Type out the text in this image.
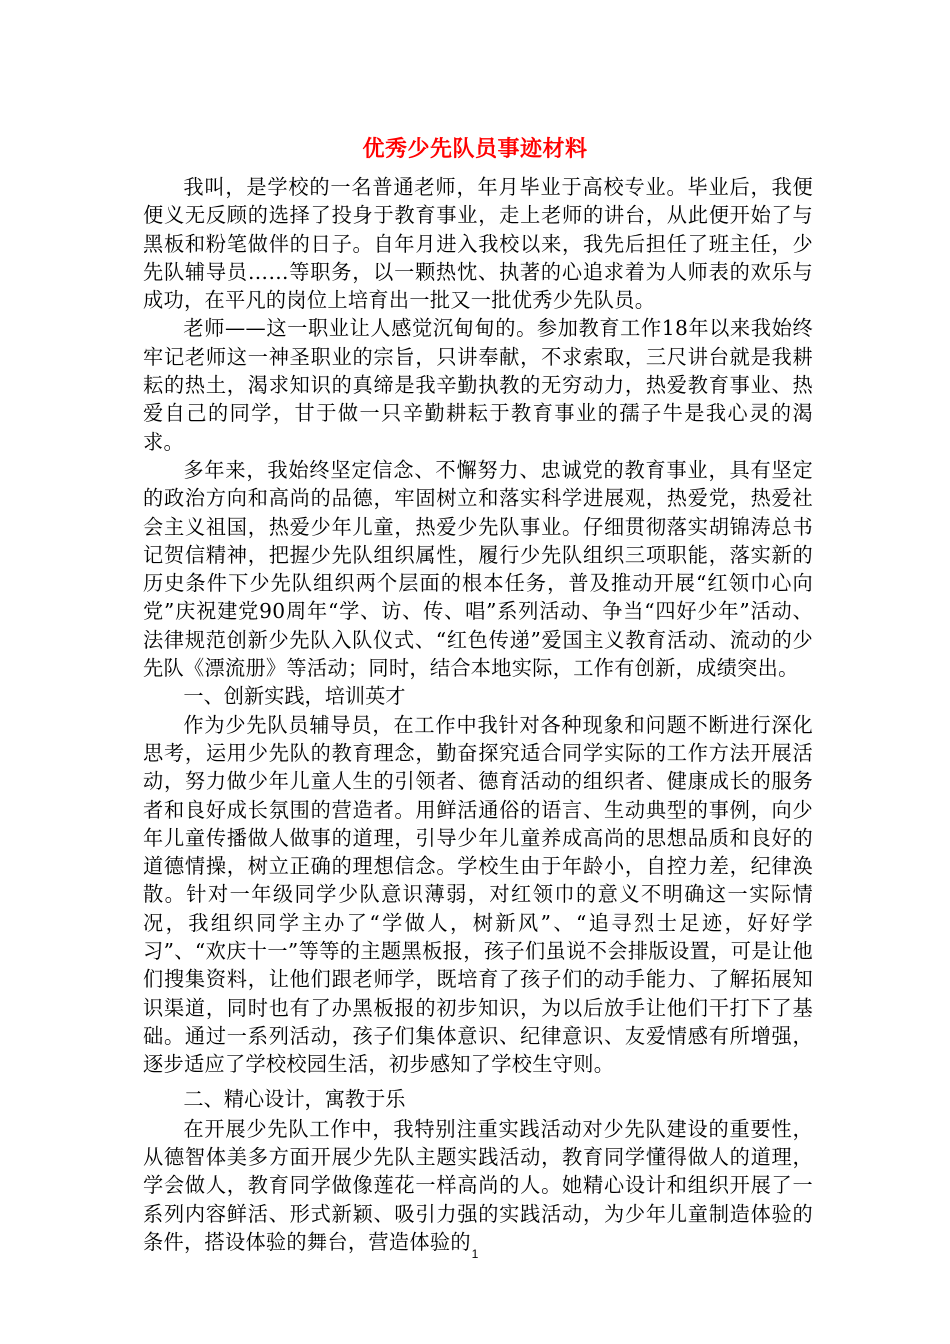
优秀少先队员事迹材料

我叫，是学校的一名普通老师，年月毕业于高校专业。毕业后，我便便义无反顾的选择了投身于教育事业，走上老师的讲台，从此便开始了与黑板和粉笔做伴的日子。自年月进入我校以来，我先后担任了班主任，少先队辅导员……等职务，以一颗热忱、执著的心追求着为人师表的欢乐与成功，在平凡的岗位上培育出一批又一批优秀少先队员。

老师——这一职业让人感觉沉甸甸的。参加教育工作18年以来我始终牢记老师这一神圣职业的宗旨，只讲奉献，不求索取，三尺讲台就是我耕耘的热土，渴求知识的真缔是我辛勤执教的无穷动力，热爱教育事业、热爱自己的同学，甘于做一只辛勤耕耘于教育事业的孺子牛是我心灵的渴求。

多年来，我始终坚定信念、不懈努力、忠诚党的教育事业，具有坚定的政治方向和高尚的品德，牢固树立和落实科学进展观，热爱党，热爱社会主义祖国，热爱少年儿童，热爱少先队事业。仔细贯彻落实胡锦涛总书记贺信精神，把握少先队组织属性，履行少先队组织三项职能，落实新的历史条件下少先队组织两个层面的根本任务，普及推动开展“红领巾心向党”庆祝建党90周年“学、访、传、唱”系列活动、争当“四好少年”活动、法律规范创新少先队入队仪式、“红色传递”爱国主义教育活动、流动的少先队《漂流册》等活动；同时，结合本地实际，工作有创新，成绩突出。

一、创新实践，培训英才

作为少先队员辅导员，在工作中我针对各种现象和问题不断进行深化思考，运用少先队的教育理念，勤奋探究适合同学实际的工作方法开展活动，努力做少年儿童人生的引领者、德育活动的组织者、健康成长的服务者和良好成长氛围的营造者。用鲜活通俗的语言、生动典型的事例，向少年儿童传播做人做事的道理，引导少年儿童养成高尚的思想品质和良好的道德情操，树立正确的理想信念。学校生由于年龄小，自控力差，纪律涣散。针对一年级同学少队意识薄弱，对红领巾的意义不明确这一实际情况，我组织同学主办了“学做人，树新风”、“追寻烈士足迹，好好学习”、“欢庆十一”等等的主题黑板报，孩子们虽说不会排版设置，可是让他们搜集资料，让他们跟老师学，既培育了孩子们的动手能力、了解拓展知识渠道，同时也有了办黑板报的初步知识，为以后放手让他们干打下了基础。通过一系列活动，孩子们集体意识、纪律意识、友爱情感有所增强，逐步适应了学校校园生活，初步感知了学校生守则。

二、精心设计，寓教于乐

在开展少先队工作中，我特别注重实践活动对少先队建设的重要性，从德智体美多方面开展少先队主题实践活动，教育同学懂得做人的道理，学会做人，教育同学做像莲花一样高尚的人。她精心设计和组织开展了一系列内容鲜活、形式新颖、吸引力强的实践活动，为少年儿童制造体验的条件，搭设体验的舞台，营造体验的

1
